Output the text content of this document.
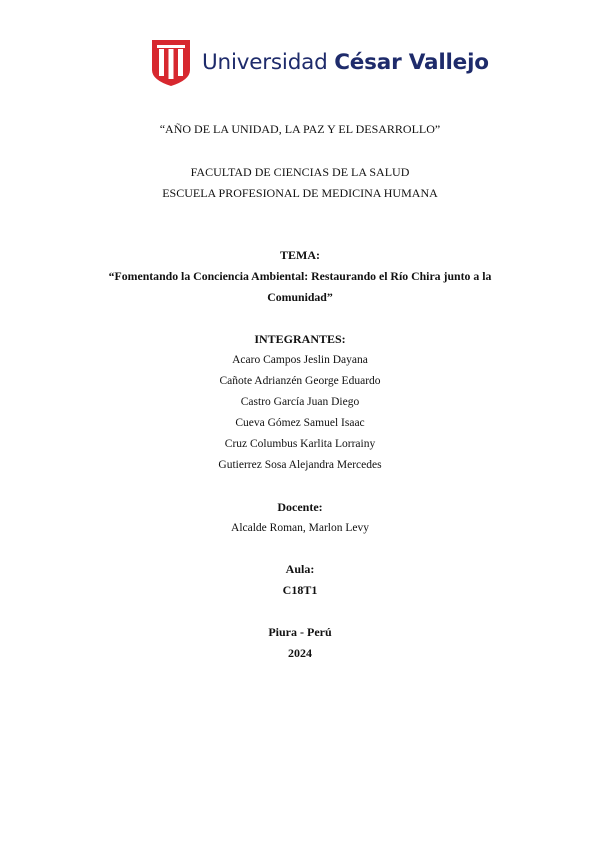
Universidad César Vallejo
“AÑO DE LA UNIDAD, LA PAZ Y EL DESARROLLO”
FACULTAD DE CIENCIAS DE LA SALUD
ESCUELA PROFESIONAL DE MEDICINA HUMANA
TEMA:
“Fomentando la Conciencia Ambiental: Restaurando el Río Chira junto a la
Comunidad”
INTEGRANTES:
Acaro Campos Jeslin Dayana
Cañote Adrianzén George Eduardo
Castro García Juan Diego
Cueva Gómez Samuel Isaac
Cruz Columbus Karlita Lorrainy
Gutierrez Sosa Alejandra Mercedes
Docente:
Alcalde Roman, Marlon Levy
Aula:
C18T1
Piura - Perú
2024
